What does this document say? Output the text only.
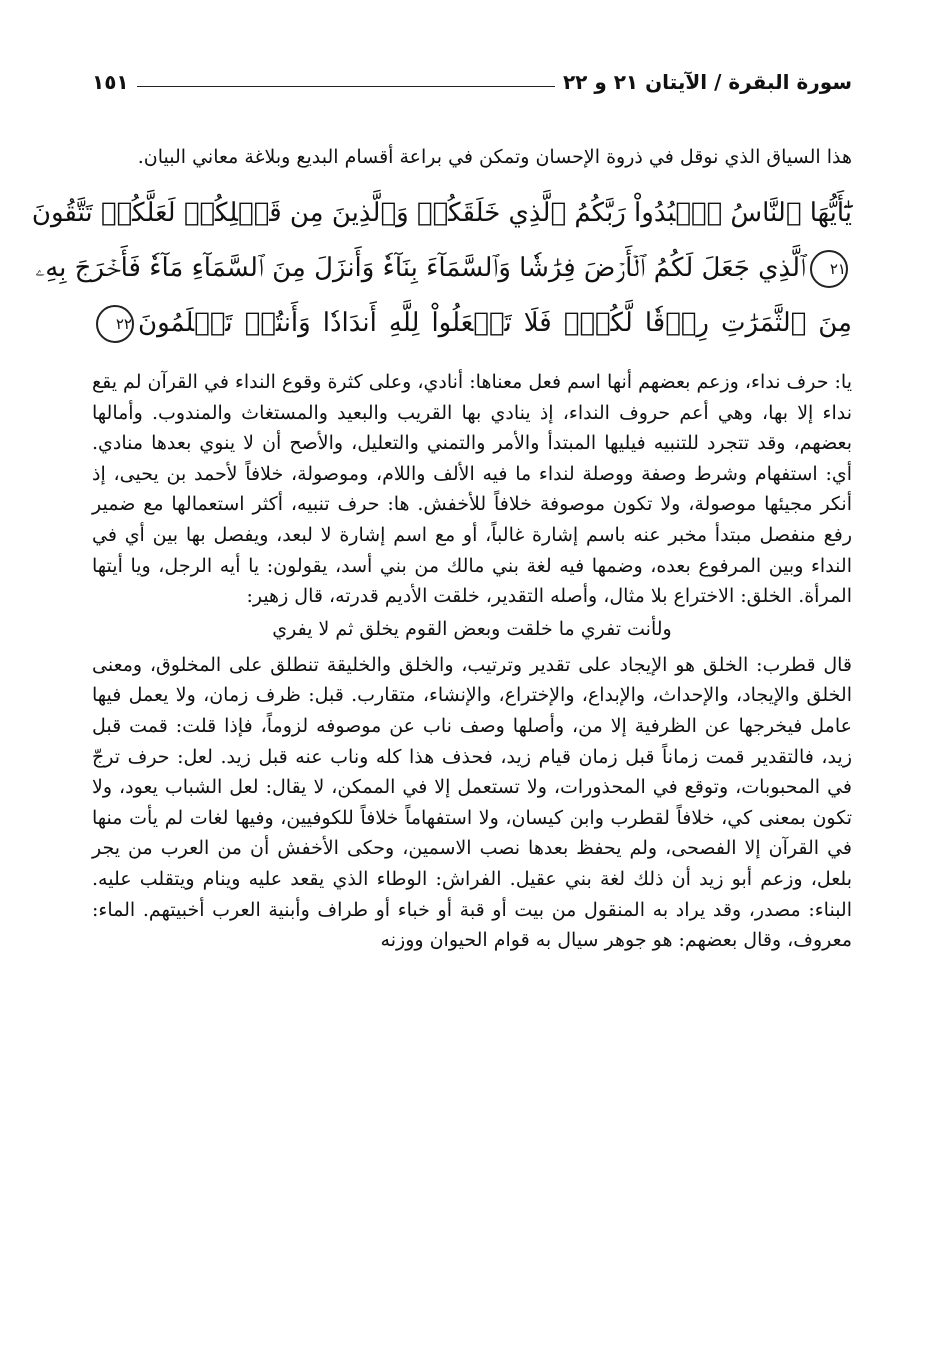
سورة البقرة / الآيتان ٢١ و ٢٢
١٥١

هذا السياق الذي نوقل في ذروة الإحسان وتمكن في براعة أقسام البديع وبلاغة معاني البيان.

يَٰٓأَيُّهَا ٱلنَّاسُ ٱعۡبُدُواْ رَبَّكُمُ ٱلَّذِي خَلَقَكُمۡ وَٱلَّذِينَ مِن قَبۡلِكُمۡ لَعَلَّكُمۡ تَتَّقُونَ
٢١ٱلَّذِي جَعَلَ لَكُمُ ٱلۡأَرۡضَ فِرَٰشٗا وَٱلسَّمَآءَ بِنَآءٗ وَأَنزَلَ مِنَ ٱلسَّمَآءِ مَآءٗ فَأَخۡرَجَ بِهِۦ
مِنَ ٱلثَّمَرَٰتِ رِزۡقٗا لَّكُمۡۖ فَلَا تَجۡعَلُواْ لِلَّهِ أَندَادٗا وَأَنتُمۡ تَعۡلَمُونَ٢٢

يا: حرف نداء، وزعم بعضهم أنها اسم فعل معناها: أنادي، وعلى كثرة وقوع النداء في القرآن لم يقع نداء إلا بها، وهي أعم حروف النداء، إذ ينادي بها القريب والبعيد والمستغاث والمندوب. وأمالها بعضهم، وقد تتجرد للتنبيه فيليها المبتدأ والأمر والتمني والتعليل، والأصح أن لا ينوي بعدها منادي. أي: استفهام وشرط وصفة ووصلة لنداء ما فيه الألف واللام، وموصولة، خلافاً لأحمد بن يحيى، إذ أنكر مجيئها موصولة، ولا تكون موصوفة خلافاً للأخفش. ها: حرف تنبيه، أكثر استعمالها مع ضمير رفع منفصل مبتدأ مخبر عنه باسم إشارة غالباً، أو مع اسم إشارة لا لبعد، ويفصل بها بين أي في النداء وبين المرفوع بعده، وضمها فيه لغة بني مالك من بني أسد، يقولون: يا أيه الرجل، ويا أيتها المرأة. الخلق: الاختراع بلا مثال، وأصله التقدير، خلقت الأديم قدرته، قال زهير:

ولأنت تفري ما خلقت وبعض القوم يخلق ثم لا يفري

قال قطرب: الخلق هو الإيجاد على تقدير وترتيب، والخلق والخليقة تنطلق على المخلوق، ومعنى الخلق والإيجاد، والإحداث، والإبداع، والإختراع، والإنشاء، متقارب. قبل: ظرف زمان، ولا يعمل فيها عامل فيخرجها عن الظرفية إلا من، وأصلها وصف ناب عن موصوفه لزوماً، فإذا قلت: قمت قبل زيد، فالتقدير قمت زماناً قبل زمان قيام زيد، فحذف هذا كله وناب عنه قبل زيد. لعل: حرف ترجّ في المحبوبات، وتوقع في المحذورات، ولا تستعمل إلا في الممكن، لا يقال: لعل الشباب يعود، ولا تكون بمعنى كي، خلافاً لقطرب وابن كيسان، ولا استفهاماً خلافاً للكوفيين، وفيها لغات لم يأت منها في القرآن إلا الفصحى، ولم يحفظ بعدها نصب الاسمين، وحكى الأخفش أن من العرب من يجر بلعل، وزعم أبو زيد أن ذلك لغة بني عقيل. الفراش: الوطاء الذي يقعد عليه وينام ويتقلب عليه. البناء: مصدر، وقد يراد به المنقول من بيت أو قبة أو خباء أو طراف وأبنية العرب أخبيتهم. الماء: معروف، وقال بعضهم: هو جوهر سيال به قوام الحيوان ووزنه
